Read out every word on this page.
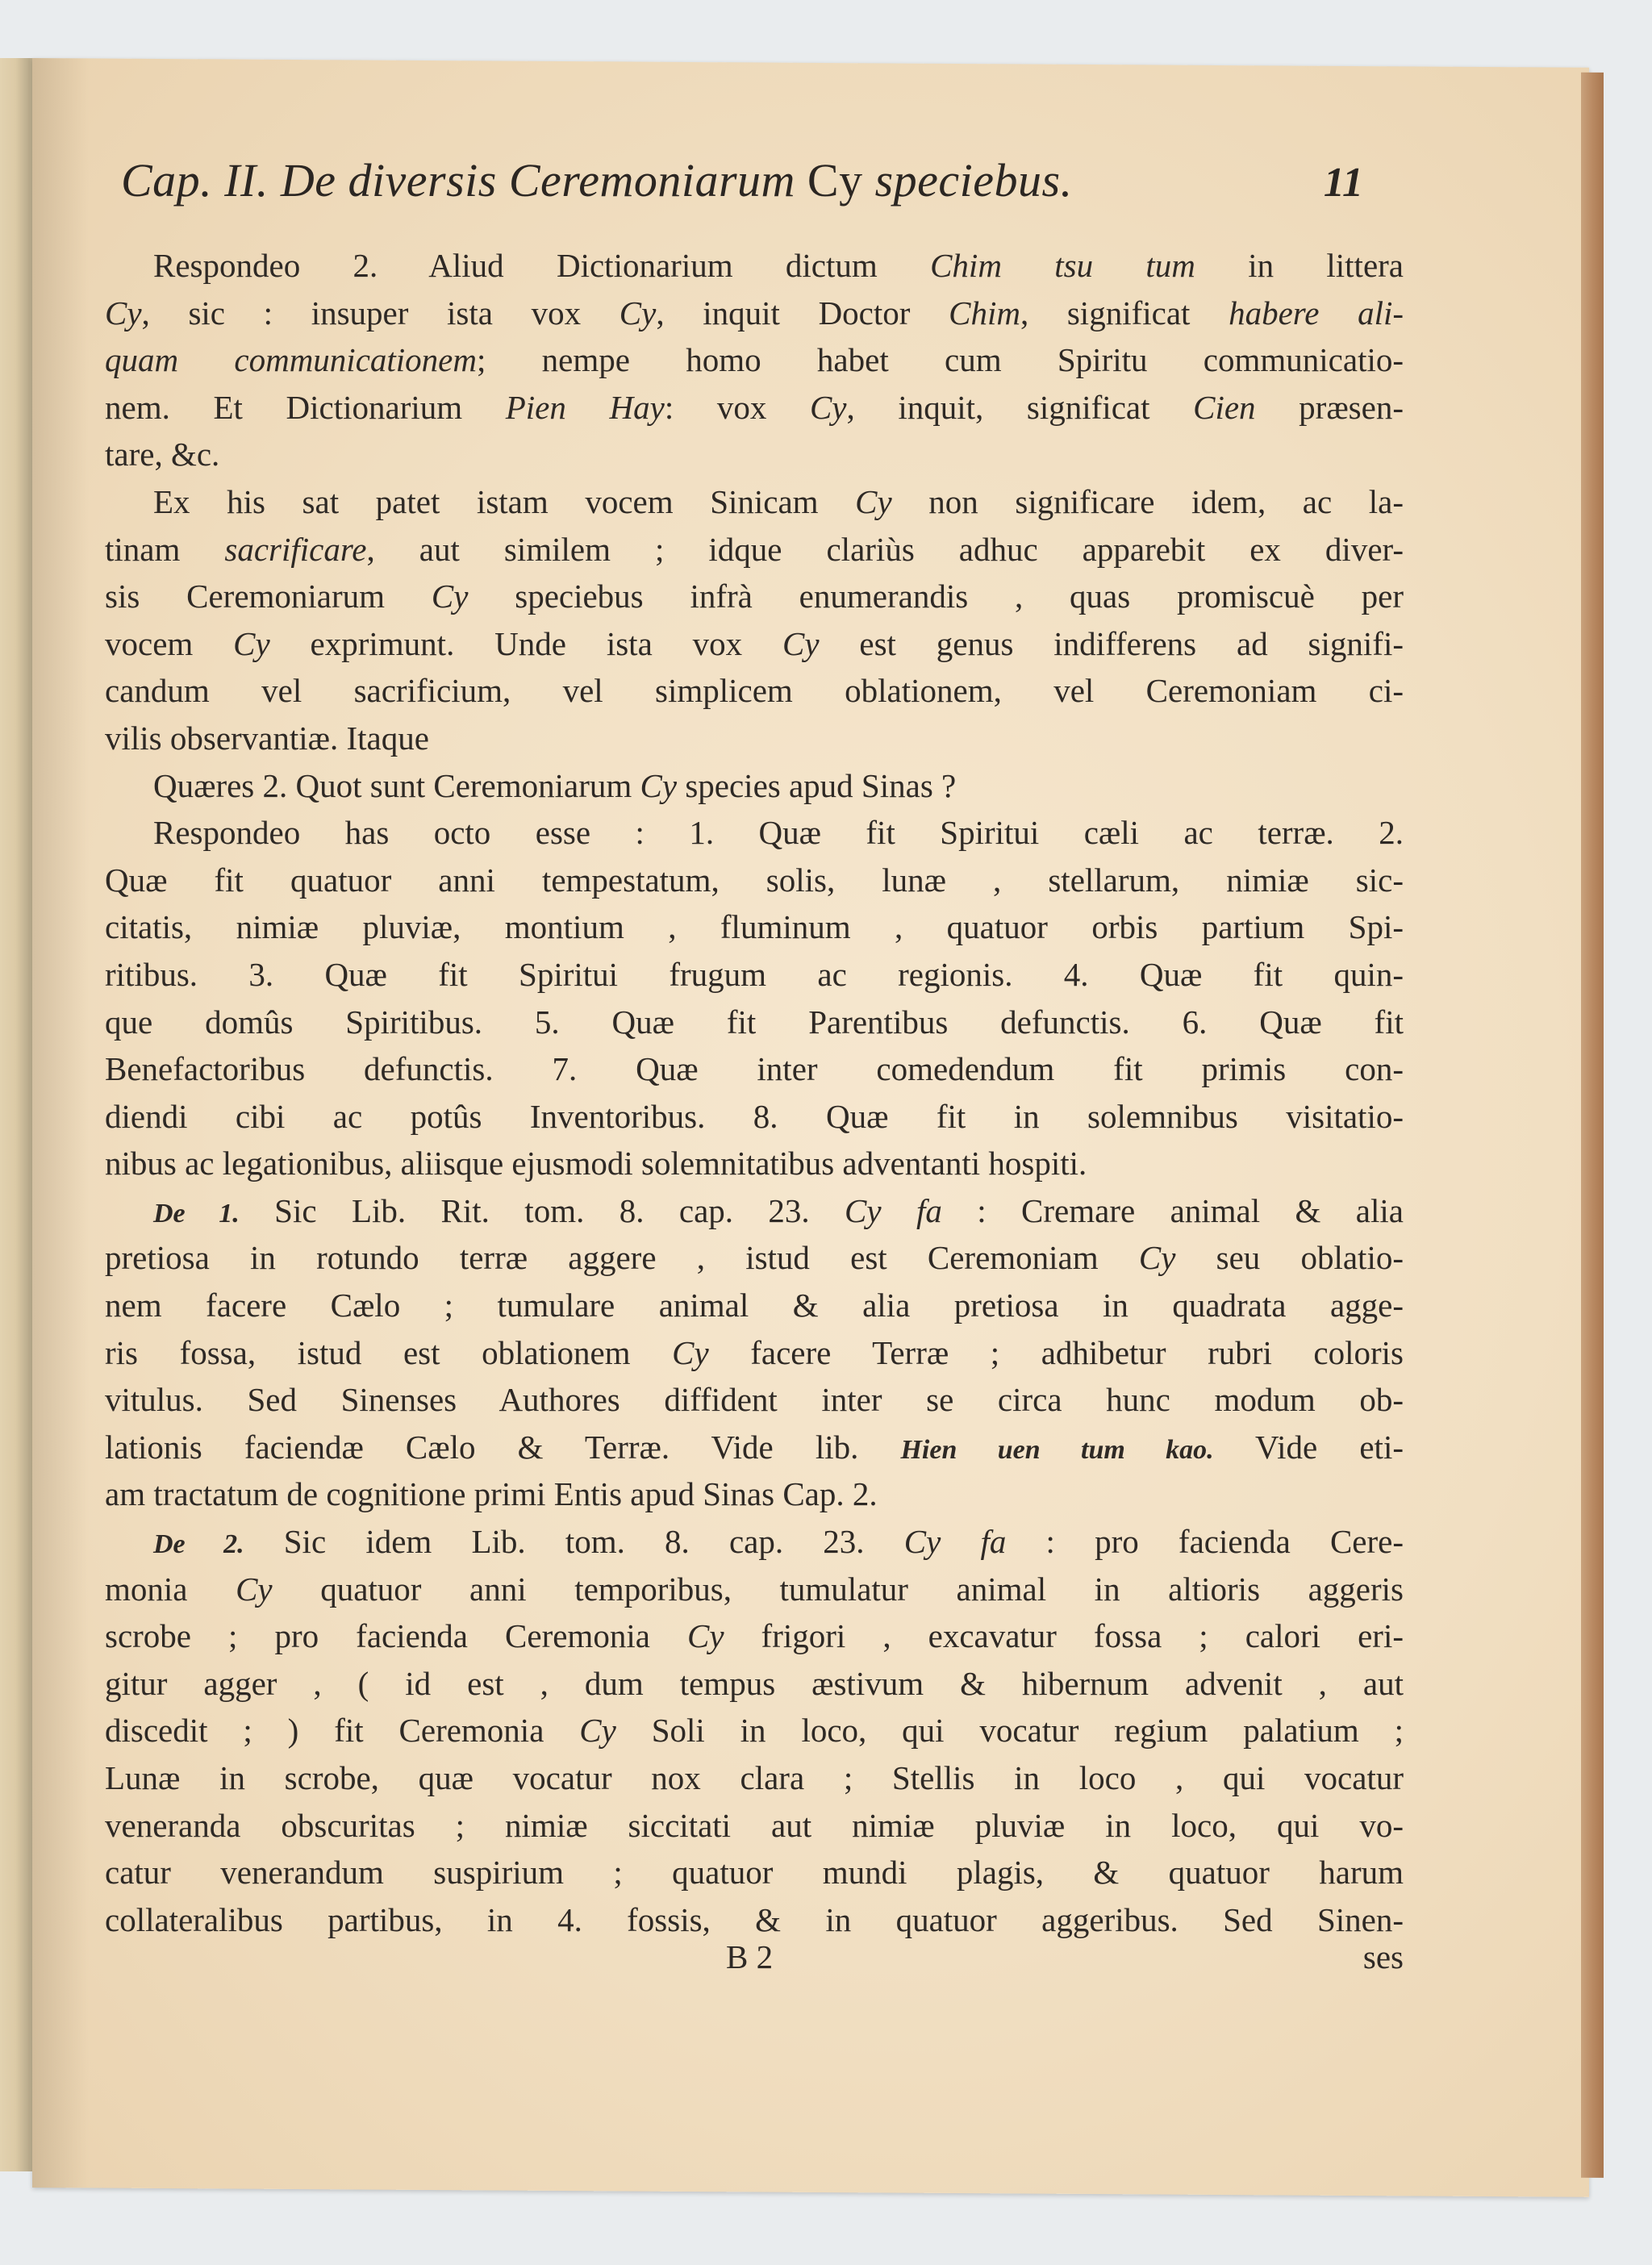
Cap. II. De diversis Ceremoniarum Cy speciebus.	11
Respondeo 2. Aliud Dictionarium dictum Chim tsu tum in littera
Cy, sic : insuper ista vox Cy, inquit Doctor Chim, significat habere ali-
quam communicationem; nempe homo habet cum Spiritu communicatio-
nem. Et Dictionarium Pien Hay: vox Cy, inquit, significat Cien præsen-
tare, &c.
Ex his sat patet istam vocem Sinicam Cy non significare idem, ac la-
tinam sacrificare, aut similem ; idque clariùs adhuc apparebit ex diver-
sis Ceremoniarum Cy speciebus infrà enumerandis , quas promiscuè per
vocem Cy exprimunt. Unde ista vox Cy est genus indifferens ad signifi-
candum vel sacrificium, vel simplicem oblationem, vel Ceremoniam ci-
vilis observantiæ. Itaque
Quæres 2. Quot sunt Ceremoniarum Cy species apud Sinas ?
Respondeo has octo esse : 1. Quæ fit Spiritui cæli ac terræ. 2.
Quæ fit quatuor anni tempestatum, solis, lunæ , stellarum, nimiæ sic-
citatis, nimiæ pluviæ, montium , fluminum , quatuor orbis partium Spi-
ritibus. 3. Quæ fit Spiritui frugum ac regionis. 4. Quæ fit quin-
que domûs Spiritibus. 5. Quæ fit Parentibus defunctis. 6. Quæ fit
Benefactoribus defunctis. 7. Quæ inter comedendum fit primis con-
diendi cibi ac potûs Inventoribus. 8. Quæ fit in solemnibus visitatio-
nibus ac legationibus, aliisque ejusmodi solemnitatibus adventanti hospiti.
De 1. Sic Lib. Rit. tom. 8. cap. 23. Cy fa : Cremare animal & alia
pretiosa in rotundo terræ aggere , istud est Ceremoniam Cy seu oblatio-
nem facere Cælo ; tumulare animal & alia pretiosa in quadrata agge-
ris fossa, istud est oblationem Cy facere Terræ ; adhibetur rubri coloris
vitulus. Sed Sinenses Authores diffident inter se circa hunc modum ob-
lationis faciendæ Cælo & Terræ. Vide lib. Hien uen tum kao. Vide eti-
am tractatum de cognitione primi Entis apud Sinas Cap. 2.
De 2. Sic idem Lib. tom. 8. cap. 23. Cy fa : pro facienda Cere-
monia Cy quatuor anni temporibus, tumulatur animal in altioris aggeris
scrobe ; pro facienda Ceremonia Cy frigori , excavatur fossa ; calori eri-
gitur agger , ( id est , dum tempus æstivum & hibernum advenit , aut
discedit ; ) fit Ceremonia Cy Soli in loco, qui vocatur regium palatium ;
Lunæ in scrobe, quæ vocatur nox clara ; Stellis in loco , qui vocatur
veneranda obscuritas ; nimiæ siccitati aut nimiæ pluviæ in loco, qui vo-
catur venerandum suspirium ; quatuor mundi plagis, & quatuor harum
collateralibus partibus, in 4. fossis, & in quatuor aggeribus. Sed Sinen-
B 2	ses
